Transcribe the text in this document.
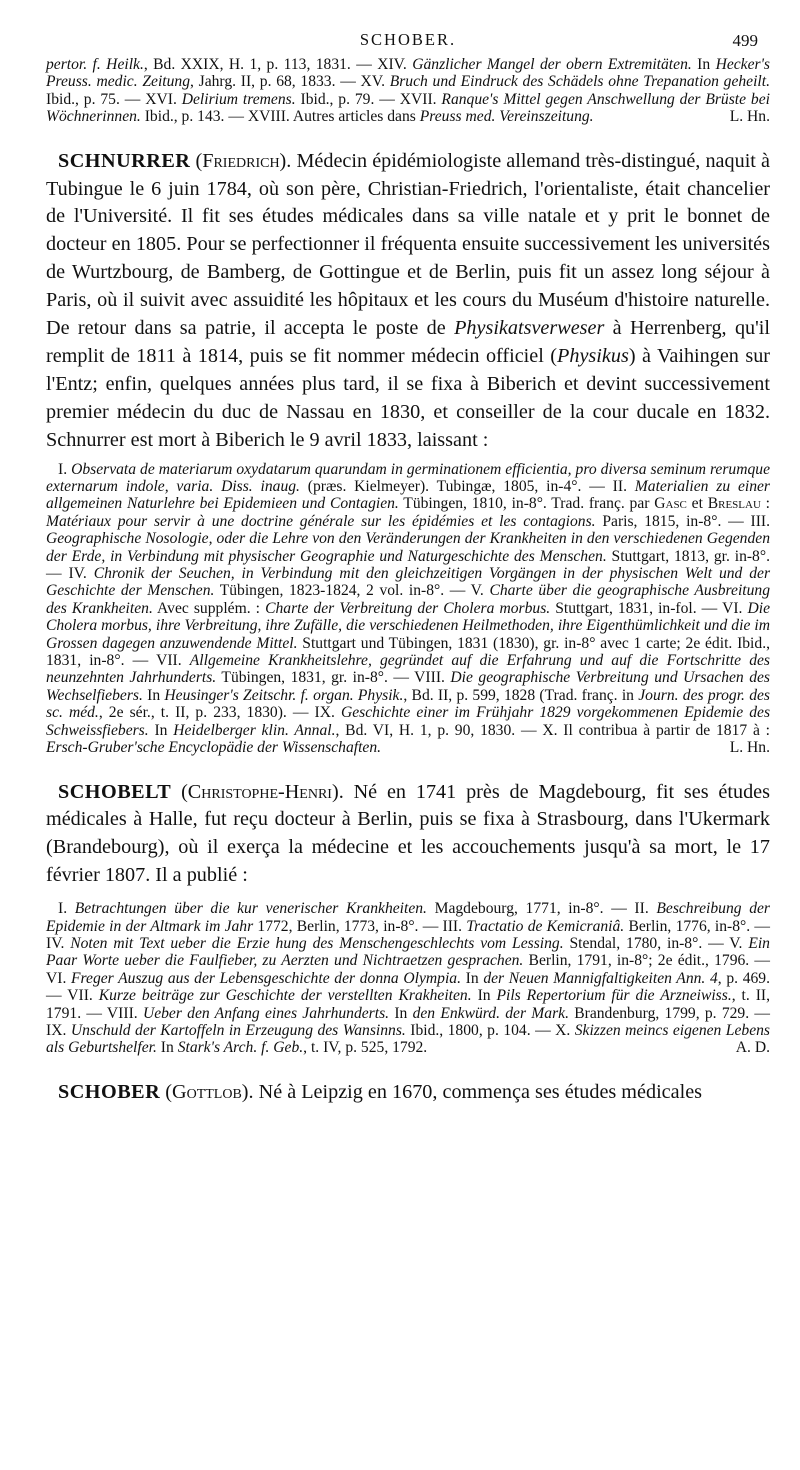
SCHOBER.	499

pertor. f. Heilk., Bd. XXIX, H. 1, p. 113, 1831. — XIV. Gänzlicher Mangel der obern Extremitäten. In Hecker's Preuss. medic. Zeitung, Jahrg. II, p. 68, 1833. — XV. Bruch und Eindruck des Schädels ohne Trepanation geheilt. Ibid., p. 75. — XVI. Delirium tremens. Ibid., p. 79. — XVII. Ranque's Mittel gegen Anschwellung der Brüste bei Wöchnerinnen. Ibid., p. 143. — XVIII. Autres articles dans Preuss med. Vereinszeitung.	L. Hn.

SCHNURRER (Friedrich). Médecin épidémiologiste allemand très-distingué, naquit à Tubingue le 6 juin 1784, où son père, Christian-Friedrich, l'orientaliste, était chancelier de l'Université. Il fit ses études médicales dans sa ville natale et y prit le bonnet de docteur en 1805. Pour se perfectionner il fréquenta ensuite successivement les universités de Wurtzbourg, de Bamberg, de Gottingue et de Berlin, puis fit un assez long séjour à Paris, où il suivit avec assuidité les hôpitaux et les cours du Muséum d'histoire naturelle. De retour dans sa patrie, il accepta le poste de Physikatsverweser à Herrenberg, qu'il remplit de 1811 à 1814, puis se fit nommer médecin officiel (Physikus) à Vaihingen sur l'Entz; enfin, quelques années plus tard, il se fixa à Biberich et devint successivement premier médecin du duc de Nassau en 1830, et conseiller de la cour ducale en 1832. Schnurrer est mort à Biberich le 9 avril 1833, laissant :

I. Observata de materiarum oxydatarum quarundam in germinationem efficientia, pro diversa seminum rerumque externarum indole, varia. Diss. inaug. (præs. Kielmeyer). Tubingæ, 1805, in-4°. — II. Materialien zu einer allgemeinen Naturlehre bei Epidemieen und Contagien. Tübingen, 1810, in-8°. Trad. franç. par Gasc et Breslau : Matériaux pour servir à une doctrine générale sur les épidémies et les contagions. Paris, 1815, in-8°. — III. Geographische Nosologie, oder die Lehre von den Veränderungen der Krankheiten in den verschiedenen Gegenden der Erde, in Verbindung mit physischer Geographie und Naturgeschichte des Menschen. Stuttgart, 1813, gr. in-8°. — IV. Chronik der Seuchen, in Verbindung mit den gleichzeitigen Vorgängen in der physischen Welt und der Geschichte der Menschen. Tübingen, 1823-1824, 2 vol. in-8°. — V. Charte über die geographische Ausbreitung des Krankheiten. Avec supplém. : Charte der Verbreitung der Cholera morbus. Stuttgart, 1831, in-fol. — VI. Die Cholera morbus, ihre Verbreitung, ihre Zufälle, die verschiedenen Heilmethoden, ihre Eigenthümlichkeit und die im Grossen dagegen anzuwendende Mittel. Stuttgart und Tübingen, 1831 (1830), gr. in-8° avec 1 carte; 2e édit. Ibid., 1831, in-8°. — VII. Allgemeine Krankheitslehre, gegründet auf die Erfahrung und auf die Fortschritte des neunzehnten Jahrhunderts. Tübingen, 1831, gr. in-8°. — VIII. Die geographische Verbreitung und Ursachen des Wechselfiebers. In Heusinger's Zeitschr. f. organ. Physik., Bd. II, p. 599, 1828 (Trad. franç. in Journ. des progr. des sc. méd., 2e sér., t. II, p. 233, 1830). — IX. Geschichte einer im Frühjahr 1829 vorgekommenen Epidemie des Schweissfiebers. In Heidelberger klin. Annal., Bd. VI, H. 1, p. 90, 1830. — X. Il contribua à partir de 1817 à : Ersch-Gruber'sche Encyclopädie der Wissenschaften.	L. Hn.

SCHOBELT (Christophe-Henri). Né en 1741 près de Magdebourg, fit ses études médicales à Halle, fut reçu docteur à Berlin, puis se fixa à Strasbourg, dans l'Ukermark (Brandebourg), où il exerça la médecine et les accouchements jusqu'à sa mort, le 17 février 1807. Il a publié :

I. Betrachtungen über die kur venerischer Krankheiten. Magdebourg, 1771, in-8°. — II. Beschreibung der Epidemie in der Altmark im Jahr 1772, Berlin, 1773, in-8°. — III. Tractatio de Kemicraniâ. Berlin, 1776, in-8°. — IV. Noten mit Text ueber die Erzie hung des Menschengeschlechts vom Lessing. Stendal, 1780, in-8°. — V. Ein Paar Worte ueber die Faulfieber, zu Aerzten und Nichtraetzen gesprachen. Berlin, 1791, in-8°; 2e édit., 1796. — VI. Freger Auszug aus der Lebensgeschichte der donna Olympia. In der Neuen Mannigfaltigkeiten Ann. 4, p. 469. — VII. Kurze beiträge zur Geschichte der verstellten Krakheiten. In Pils Repertorium für die Arzneiwiss., t. II, 1791. — VIII. Ueber den Anfang eines Jahrhunderts. In den Enkwürd. der Mark. Brandenburg, 1799, p. 729. — IX. Unschuld der Kartoffeln in Erzeugung des Wansinns. Ibid., 1800, p. 104. — X. Skizzen meincs eigenen Lebens als Geburtshelfer. In Stark's Arch. f. Geb., t. IV, p. 525, 1792.	A. D.

SCHOBER (Gottlob). Né à Leipzig en 1670, commença ses études médicales
